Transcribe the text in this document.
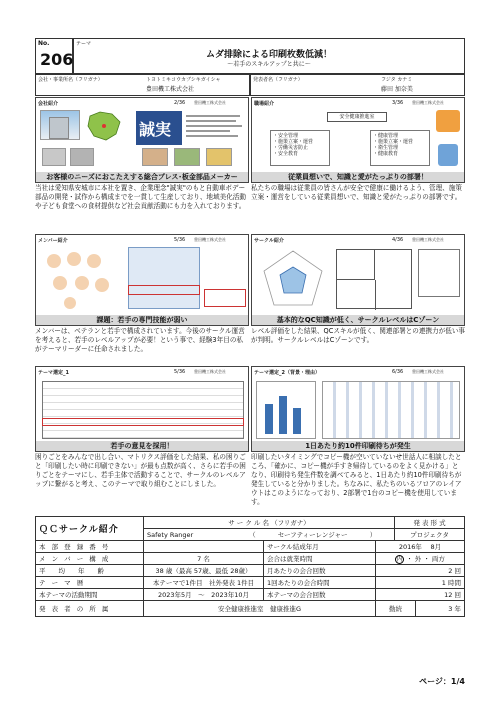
No.
206
テーマ
ムダ排除による印刷枚数低減！
～若手のスキルアップと共に～
会社・事業所名（フリガナ）	トヨトミキコウカブシキガイシャ
豊田機工株式会社
発表者名（フリガナ）	フジタ カナミ
藤田 加奈美
会社紹介	2/36 豊田機工株式会社
誠実
お客様のニーズにおこたえする総合プレス･板金部品メーカー
職場紹介	3/36 豊田機工株式会社
安全健康推進室
・安全管理
・施策立案・運営
・労働災害防止
・安全教育
・健康管理
・施策立案・運営
・衛生管理
・健康教育
従業員想いで、知識と愛がたっぷりの部署！
当社は愛知県安城市に本社を置き、企業理念"誠実"のもと自動車ボデー部品の開発・試作から構成までを一貫して生産しており、地域美化活動や子ども食堂への食材提供など社会貢献活動にも力を入れております。
私たちの職場は従業員の皆さんが安全で健康に働けるよう、管理、施策立案・運営をしている従業員想いで、知識と愛がたっぷりの部署です。
メンバー紹介	5/36 豊田機工株式会社
課題：若手の専門技能が弱い
サークル紹介	4/36 豊田機工株式会社
基本的なQC知識が低く、サークルレベルはCゾーン
メンバーは、ベテランと若手で構成されています。今後のサークル運営を考えると、若手のレベルアップが必要！という事で、経験3年目の私がテーマリーダーに任命されました。
レベル評価をした結果、QCスキルが低く、関連部署との連携力が低い事が判明。サークルレベルはCゾーンです。
テーマ選定_1	5/36 豊田機工株式会社
若手の意見を採用！
テーマ選定_2（背景・理由）	6/36 豊田機工株式会社
1日あたり約10件印刷待ちが発生
困りごとをみんなで出し合い、マトリクス評価をした結果、私の困りごと「印刷したい時に印刷できない」が最も点数が高く、さらに若手の困りごとをテーマにし、若手主体で活動することで、サークルのレベルアップに繋がると考え、このテーマで取り組むことにしました。
印刷したいタイミングでコピー機が空いていないせ世話人に相談したところ、「確かに、コピー機が手すき帰待しているのをよく見かける」となり、印刷待ち発生件数を調べてみると、1日あたり約10件印刷待ちが発生していると分かりました。ちなみに、私たちのいるフロアのレイアウトはこのようになっており、2部署で1台のコピー機を使用しています。
ＱＣサークル紹介	サ ー ク ル 名 （フリガナ）	発 表 形 式
	Safety Ranger （ セーフティーレンジャー ）	プロジェクタ
本 部 登 録 番 号		サークル結成年月	2016年　 8月
メ ン バ ー 構 成	7 名	会合は就業時間	内 ・ 外 ・ 両方
平　　均　　年　　齢	38 歳（最高 57歳、最低 28歳）	月あたりの会合回数	2 回
テ ー マ 暦	本テーマで1件目　社外発表 1件目	1回あたりの会合時間	1 時間
本テーマの活動期間	2023年5月　～　2023年10月	本テーマの会合回数	12 回
発 表 者 の 所 属	安全健康推進室　健康推進G	勤続	3 年
ページ：1/4
